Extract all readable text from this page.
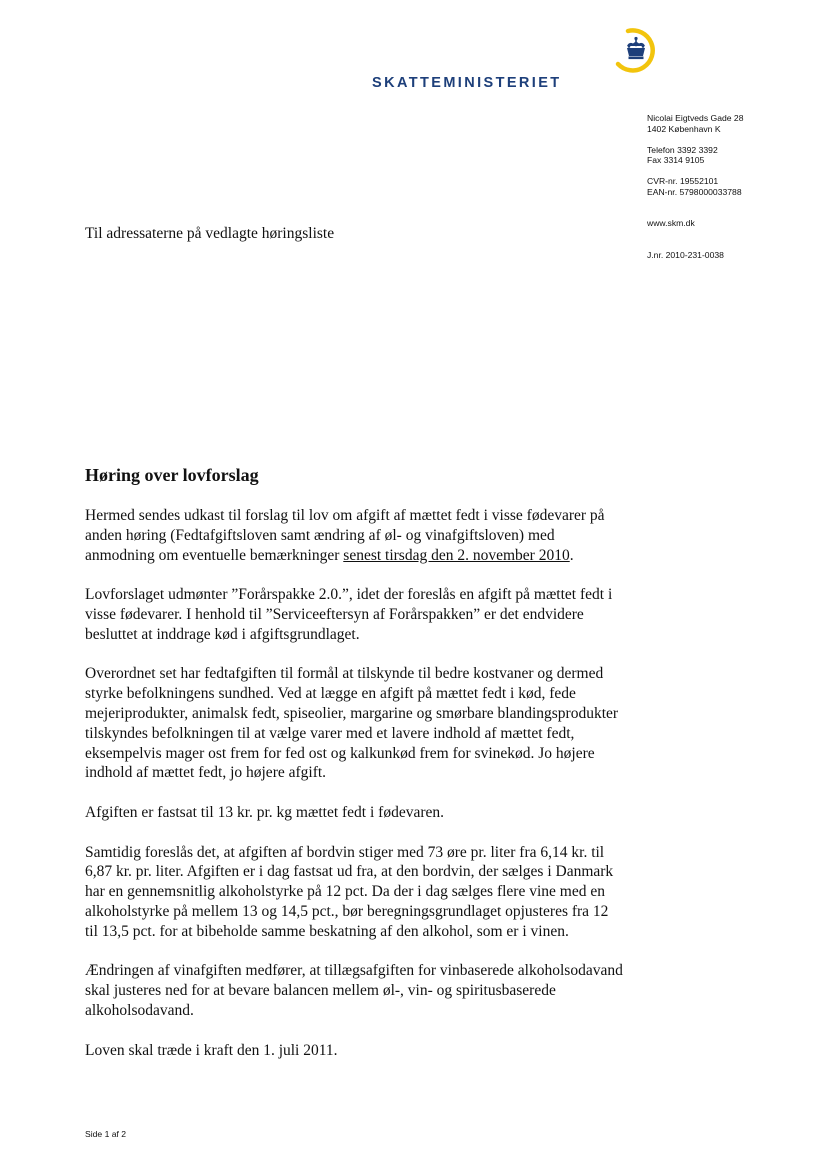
SKATTEMINISTERIET
Nicolai Eigtveds Gade 28
1402 København K
Telefon 3392 3392
Fax 3314 9105
CVR-nr. 19552101
EAN-nr. 5798000033788
www.skm.dk
J.nr. 2010-231-0038
Til adressaterne på vedlagte høringsliste
Høring over lovforslag

Hermed sendes udkast til forslag til lov om afgift af mættet fedt i visse fødevarer på anden høring (Fedtafgiftsloven samt ændring af øl- og vinafgiftsloven) med anmodning om eventuelle bemærkninger senest tirsdag den 2. november 2010.

Lovforslaget udmønter ”Forårspakke 2.0.”, idet der foreslås en afgift på mættet fedt i visse fødevarer. I henhold til ”Serviceeftersyn af Forårspakken” er det endvidere besluttet at inddrage kød i afgiftsgrundlaget.

Overordnet set har fedtafgiften til formål at tilskynde til bedre kostvaner og dermed styrke befolkningens sundhed. Ved at lægge en afgift på mættet fedt i kød, fede mejeriprodukter, animalsk fedt, spiseolier, margarine og smørbare blandingsprodukter tilskyndes befolkningen til at vælge varer med et lavere indhold af mættet fedt, eksempelvis mager ost frem for fed ost og kalkunkød frem for svinekød. Jo højere indhold af mættet fedt, jo højere afgift.

Afgiften er fastsat til 13 kr. pr. kg mættet fedt i fødevaren.

Samtidig foreslås det, at afgiften af bordvin stiger med 73 øre pr. liter fra 6,14 kr. til 6,87 kr. pr. liter. Afgiften er i dag fastsat ud fra, at den bordvin, der sælges i Danmark har en gennemsnitlig alkoholstyrke på 12 pct. Da der i dag sælges flere vine med en alkoholstyrke på mellem 13 og 14,5 pct., bør beregningsgrundlaget opjusteres fra 12 til 13,5 pct. for at bibeholde samme beskatning af den alkohol, som er i vinen.

Ændringen af vinafgiften medfører, at tillægsafgiften for vinbaserede alkoholsodavand skal justeres ned for at bevare balancen mellem øl-, vin- og spiritusbaserede alkoholsodavand.

Loven skal træde i kraft den 1. juli 2011.

Side 1 af 2
